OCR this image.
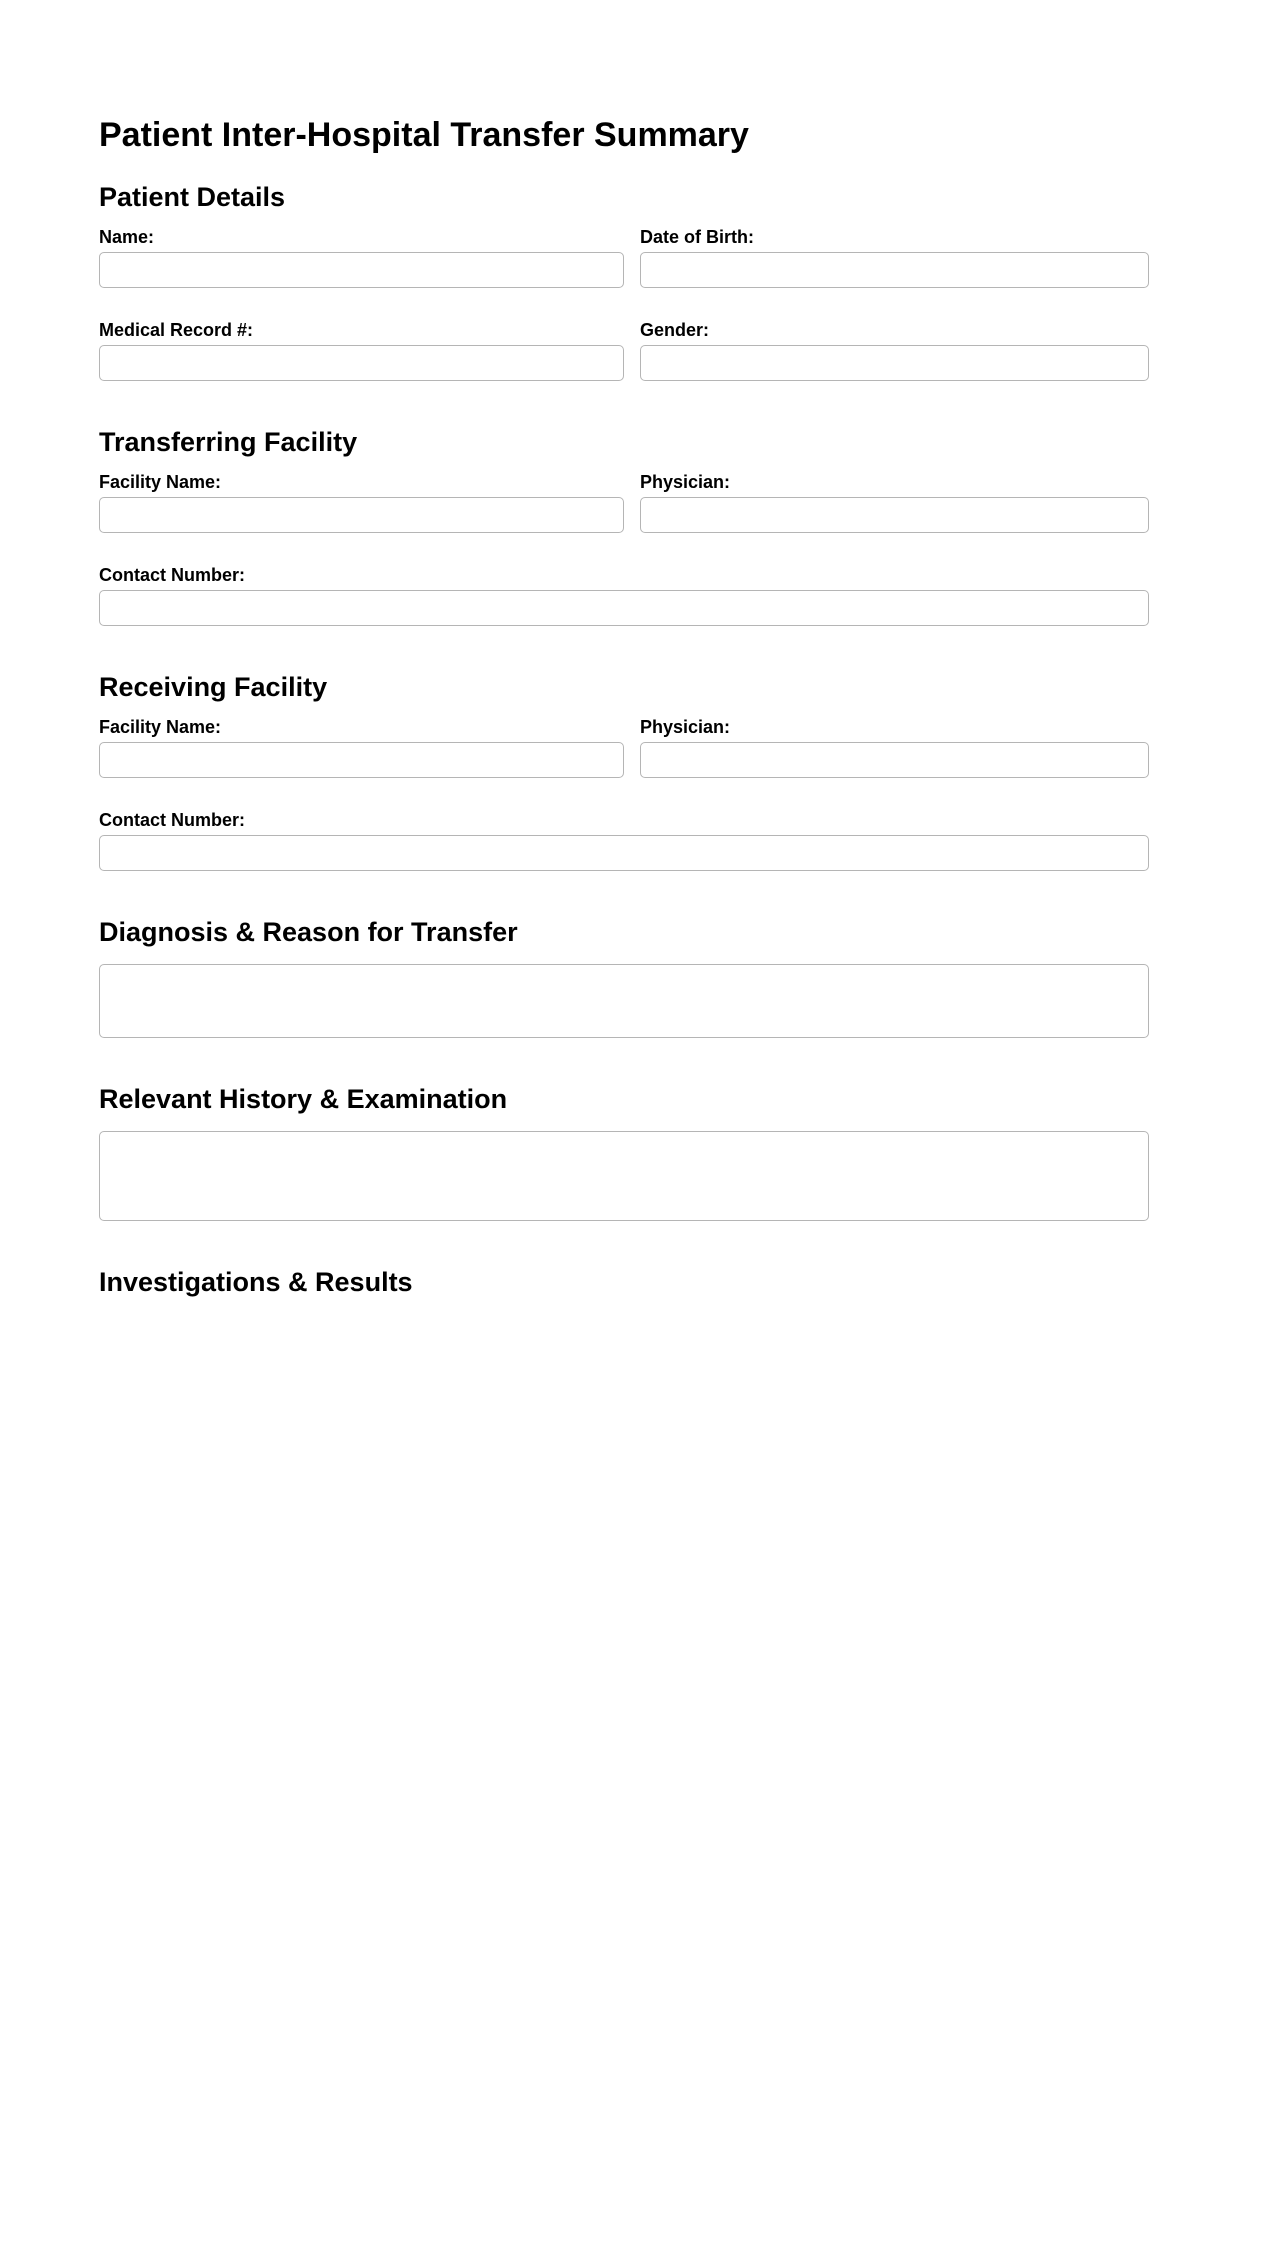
Patient Inter-Hospital Transfer Summary
Patient Details
Name:	Date of Birth:
Medical Record #:	Gender:
Transferring Facility
Facility Name:	Physician:
Contact Number:
Receiving Facility
Facility Name:	Physician:
Contact Number:
Diagnosis & Reason for Transfer
Relevant History & Examination
Investigations & Results
